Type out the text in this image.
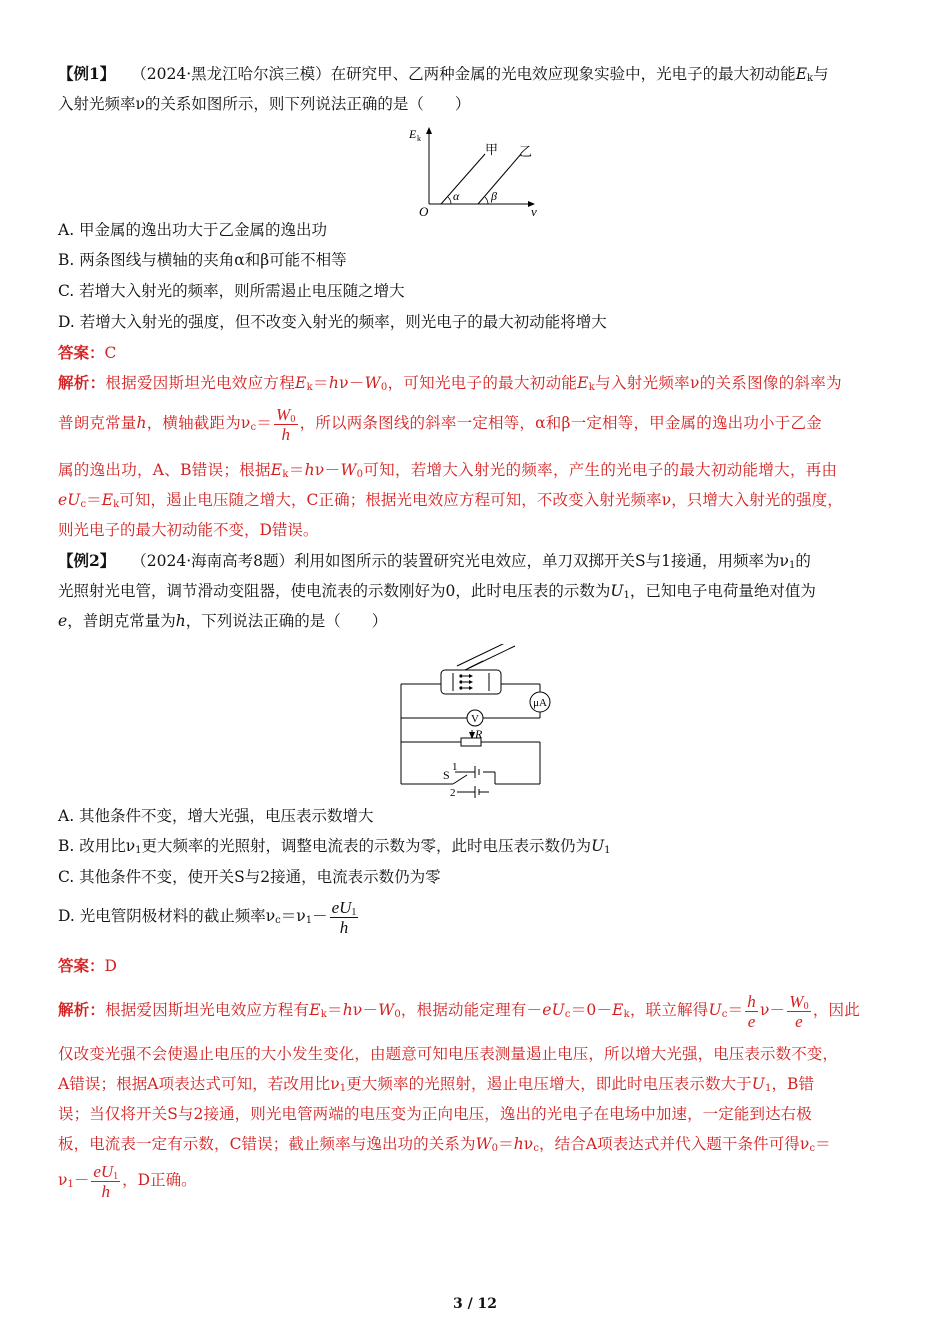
【例1】 （2024·黑龙江哈尔滨三模）在研究甲、乙两种金属的光电效应现象实验中，光电子的最大初动能$E_k$与
入射光频率ν的关系如图所示，则下列说法正确的是（　　）
E k
O	ν
甲 乙
α	β
A. 甲金属的逸出功大于乙金属的逸出功
B. 两条图线与横轴的夹角α和β可能不相等
C. 若增大入射光的频率，则所需遏止电压随之增大
D. 若增大入射光的强度，但不改变入射光的频率，则光电子的最大初动能将增大
答案：C
解析：根据爱因斯坦光电效应方程$E_k=h\nu-W_0$，可知光电子的最大初动能$E_k$与入射光频率ν的关系图像的斜率为
普朗克常量h，横轴截距为$\nu_c= \frac{W_0}{h}$ ，所以两条图线的斜率一定相等，α和β一定相等，甲金属的逸出功小于乙金
属的逸出功，A、B错误；根据$E_k=h\nu-W_0$可知，若增大入射光的频率，产生的光电子的最大初动能增大，再由
$eU_c=E_k$可知，遏止电压随之增大，C正确；根据光电效应方程可知，不改变入射光频率ν，只增大入射光的强度，
则光电子的最大初动能不变，D错误。
【例2】 （2024·海南高考8题）利用如图所示的装置研究光电效应，单刀双掷开关S与1接通，用频率为$\nu_1$的
光照射光电管，调节滑动变阻器，使电流表的示数刚好为0，此时电压表的示数为$U_1$，已知电子电荷量绝对值为
e，普朗克常量为h，下列说法正确的是（　　）
μA
V
R
S
1
2
A. 其他条件不变，增大光强，电压表示数增大
B. 改用比$\nu_1$更大频率的光照射，调整电流表的示数为零，此时电压表示数仍为$U_1$
C. 其他条件不变，使开关S与2接通，电流表示数仍为零
D. 光电管阴极材料的截止频率$\nu_c=\nu_1- \frac{eU_1}{h}$
答案：D
解析：根据爱因斯坦光电效应方程有$E_k=h\nu-W_0$，根据动能定理有$-eU_c=0-E_k$，联立解得$U_c= \frac{h}{e} \nu- \frac{W_0}{e}$ ，因此
仅改变光强不会使遏止电压的大小发生变化，由题意可知电压表测量遏止电压，所以增大光强，电压表示数不变，
A错误；根据A项表达式可知，若改用比$\nu_1$更大频率的光照射，遏止电压增大，即此时电压表示数大于$U_1$，B错
误；当仅将开关S与2接通，则光电管两端的电压变为正向电压，逸出的光电子在电场中加速，一定能到达右极
板，电流表一定有示数，C错误；截止频率与逸出功的关系为$W_0=h\nu_c$，结合A项表达式并代入题干条件可得$\nu_c=$
$\nu_1- \frac{eU_1}{h}$ ，D正确。
3 / 12
